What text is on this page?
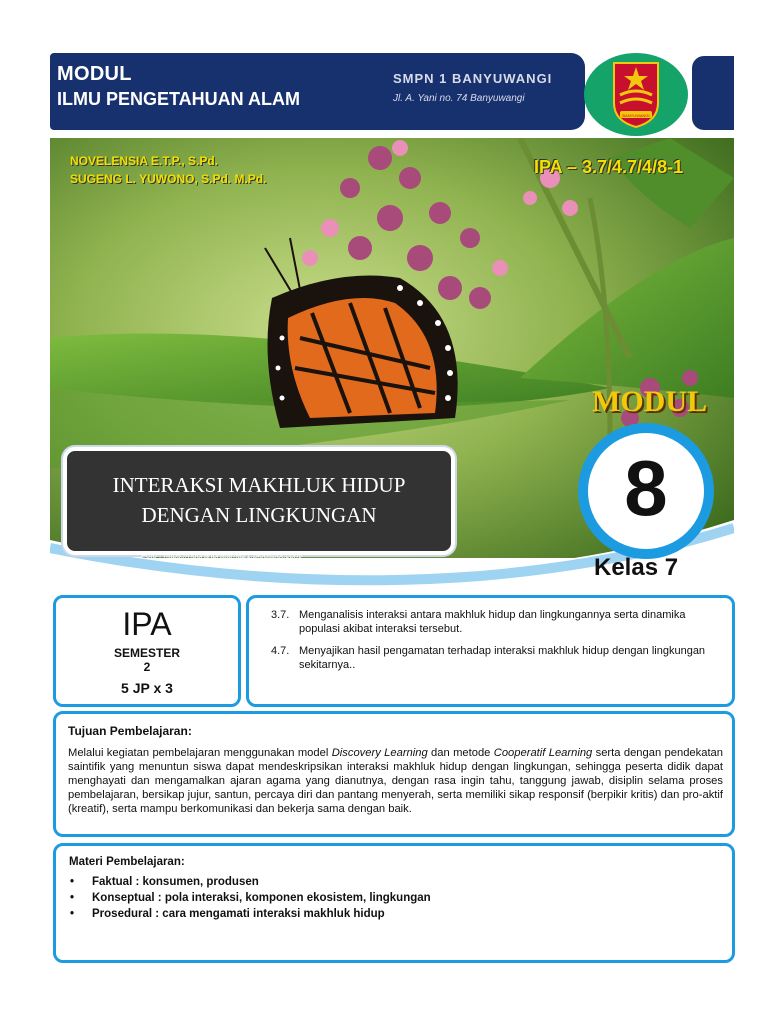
MODUL
ILMU PENGETAHUAN ALAM
SMPN 1 BANYUWANGI
Jl. A. Yani no. 74 Banyuwangi
BANYUWANGI
NOVELENSIA E.T.P., S.Pd.
SUGENG L. YUWONO, S.Pd. M.Pd.
IPA – 3.7/4.7/4/8-1
MODUL
INTERAKSI MAKHLUK HIDUP
DENGAN LINGKUNGAN	8
Foto : https://nugrahpratama21.blogspot.com/	Kelas 7
IPA
SEMESTER
2
5 JP x 3
3.7. Menganalisis interaksi antara makhluk hidup dan lingkungannya serta dinamika populasi akibat interaksi tersebut.
4.7. Menyajikan hasil pengamatan terhadap interaksi makhluk hidup dengan lingkungan sekitarnya..
Tujuan Pembelajaran:
Melalui kegiatan pembelajaran menggunakan model Discovery Learning dan metode Cooperatif Learning serta dengan pendekatan saintifik yang menuntun siswa dapat mendeskripsikan interaksi makhluk hidup dengan lingkungan, sehingga peserta didik dapat menghayati dan mengamalkan ajaran agama yang dianutnya, dengan rasa ingin tahu, tanggung jawab, disiplin selama proses pembelajaran, bersikap jujur, santun, percaya diri dan pantang menyerah, serta memiliki sikap responsif (berpikir kritis) dan pro-aktif (kreatif), serta mampu berkomunikasi dan bekerja sama dengan baik.
Materi Pembelajaran:
• Faktual : konsumen, produsen
• Konseptual : pola interaksi, komponen ekosistem, lingkungan
• Prosedural : cara mengamati interaksi makhluk hidup
